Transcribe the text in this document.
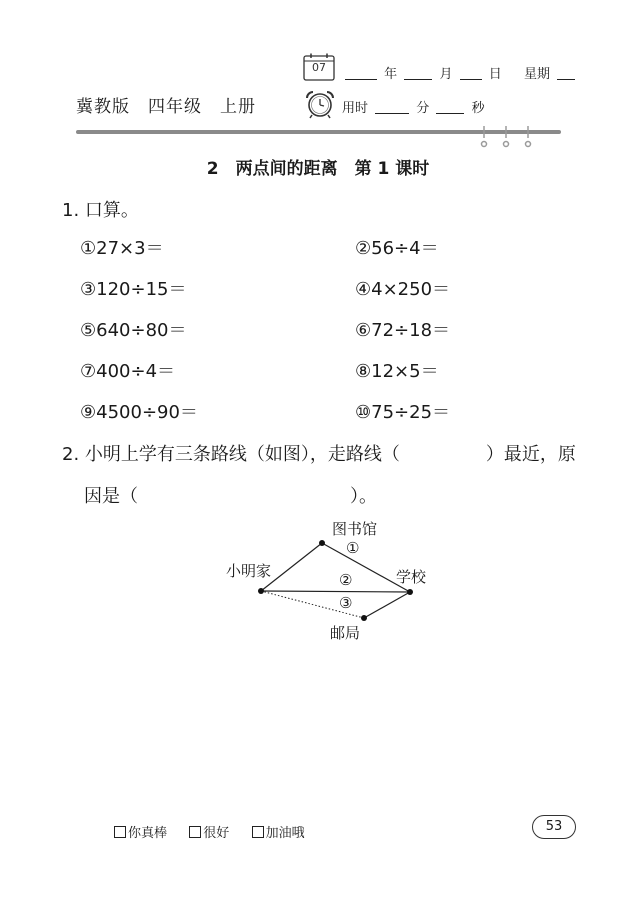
冀教版　四年级　上册
07	年	月	日 星期
用时	分	秒
2　两点间的距离　第 1 课时
1. 口算。
①27×3＝	②56÷4＝
③120÷15＝	④4×250＝
⑤640÷80＝	⑥72÷18＝
⑦400÷4＝	⑧12×5＝
⑨4500÷90＝	⑩75÷25＝
2. 小明上学有三条路线（如图），走路线（	）最近，原
因是（	）。
图书馆
小明家	学校
邮局
①
②
③
你真棒	很好	加油哦	53
